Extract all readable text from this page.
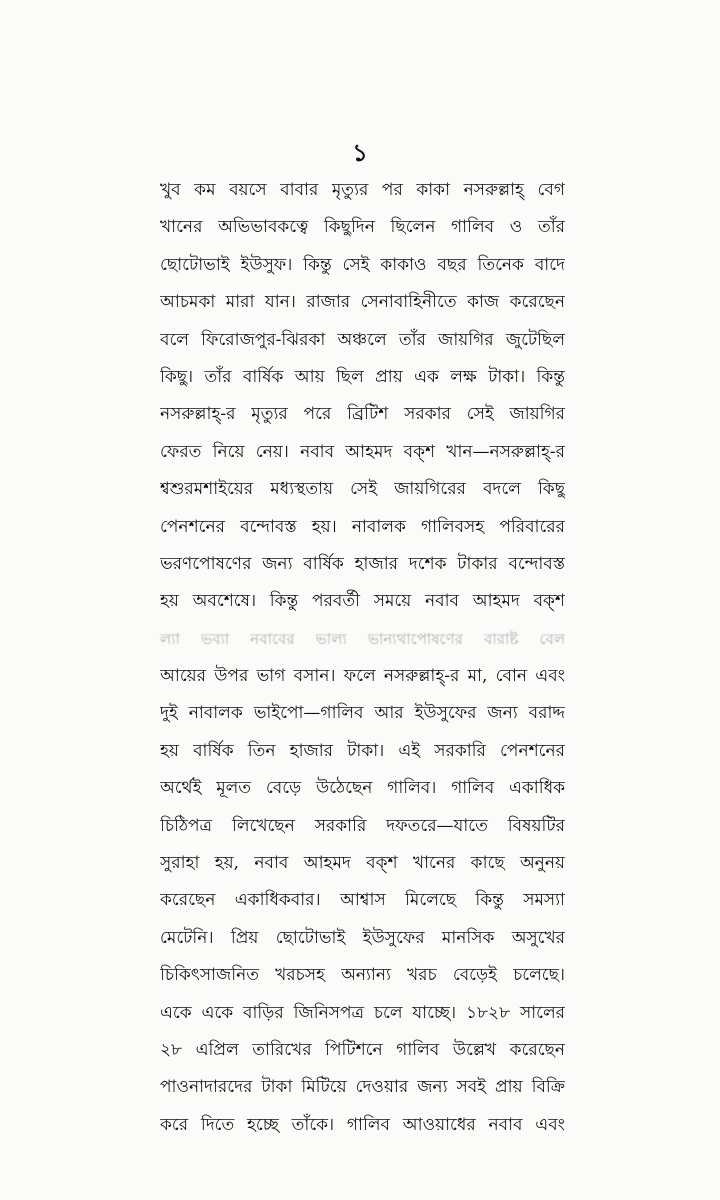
১
খুব কম বয়সে বাবার মৃত্যুর পর কাকা নসরুল্লাহ্ বেগ
খানের অভিভাবকত্বে কিছুদিন ছিলেন গালিব ও তাঁর
ছোটোভাই ইউসুফ। কিন্তু সেই কাকাও বছর তিনেক বাদে
আচমকা মারা যান। রাজার সেনাবাহিনীতে কাজ করেছেন
বলে ফিরোজপুর-ঝিরকা অঞ্চলে তাঁর জায়গির জুটেছিল
কিছু। তাঁর বার্ষিক আয় ছিল প্রায় এক লক্ষ টাকা। কিন্তু
নসরুল্লাহ্-র মৃত্যুর পরে ব্রিটিশ সরকার সেই জায়গির
ফেরত নিয়ে নেয়। নবাব আহমদ বক্শ খান—নসরুল্লাহ্-র
শ্বশুরমশাইয়ের মধ্যস্থতায় সেই জায়গিরের বদলে কিছু
পেনশনের বন্দোবস্ত হয়। নাবালক গালিবসহ পরিবারের
ভরণপোষণের জন্য বার্ষিক হাজার দশেক টাকার বন্দোবস্ত
হয় অবশেষে। কিন্তু পরবর্তী সময়ে নবাব আহমদ বক্শ
ল্যা ভব্যা নবাবের ভাল্য ভান্যথাপোষণের বারাষ্ট বেল
আয়ের উপর ভাগ বসান। ফলে নসরুল্লাহ্-র মা, বোন এবং
দুই নাবালক ভাইপো—গালিব আর ইউসুফের জন্য বরাদ্দ
হয় বার্ষিক তিন হাজার টাকা। এই সরকারি পেনশনের
অর্থেই মূলত বেড়ে উঠেছেন গালিব। গালিব একাধিক
চিঠিপত্র লিখেছেন সরকারি দফতরে—যাতে বিষয়টির
সুরাহা হয়, নবাব আহমদ বক্শ খানের কাছে অনুনয়
করেছেন একাধিকবার। আশ্বাস মিলেছে কিন্তু সমস্যা
মেটেনি। প্রিয় ছোটোভাই ইউসুফের মানসিক অসুখের
চিকিৎসাজনিত খরচসহ অন্যান্য খরচ বেড়েই চলেছে।
একে একে বাড়ির জিনিসপত্র চলে যাচ্ছে। ১৮২৮ সালের
২৮ এপ্রিল তারিখের পিটিশনে গালিব উল্লেখ করেছেন
পাওনাদারদের টাকা মিটিয়ে দেওয়ার জন্য সবই প্রায় বিক্রি
করে দিতে হচ্ছে তাঁকে। গালিব আওয়াধের নবাব এবং
